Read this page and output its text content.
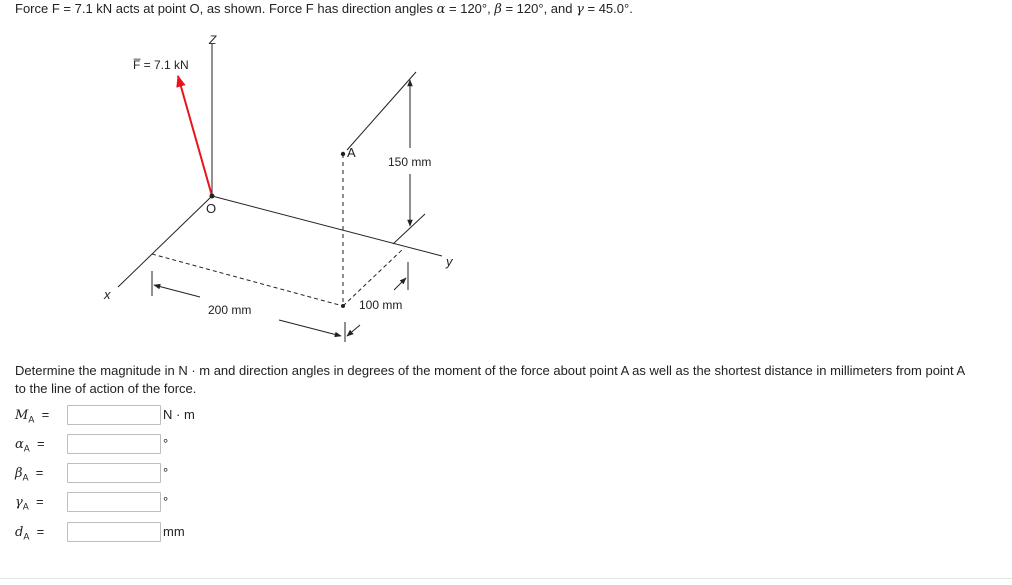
Force F = 7.1 kN acts at point O, as shown. Force F has direction angles α = 120°, β = 120°, and γ = 45.0°.
F̅ = 7.1 kN
Z
x
y
O
A
150 mm
200 mm	100 mm
Determine the magnitude in N · m and direction angles in degrees of the moment of the force about point A as well as the shortest distance in millimeters from point A to the line of action of the force.
$M_A$ =	N · m
$\alpha_A$ =	°
$\beta_A$ =	°
$\gamma_A$ =	°
$d_A$ =	mm
